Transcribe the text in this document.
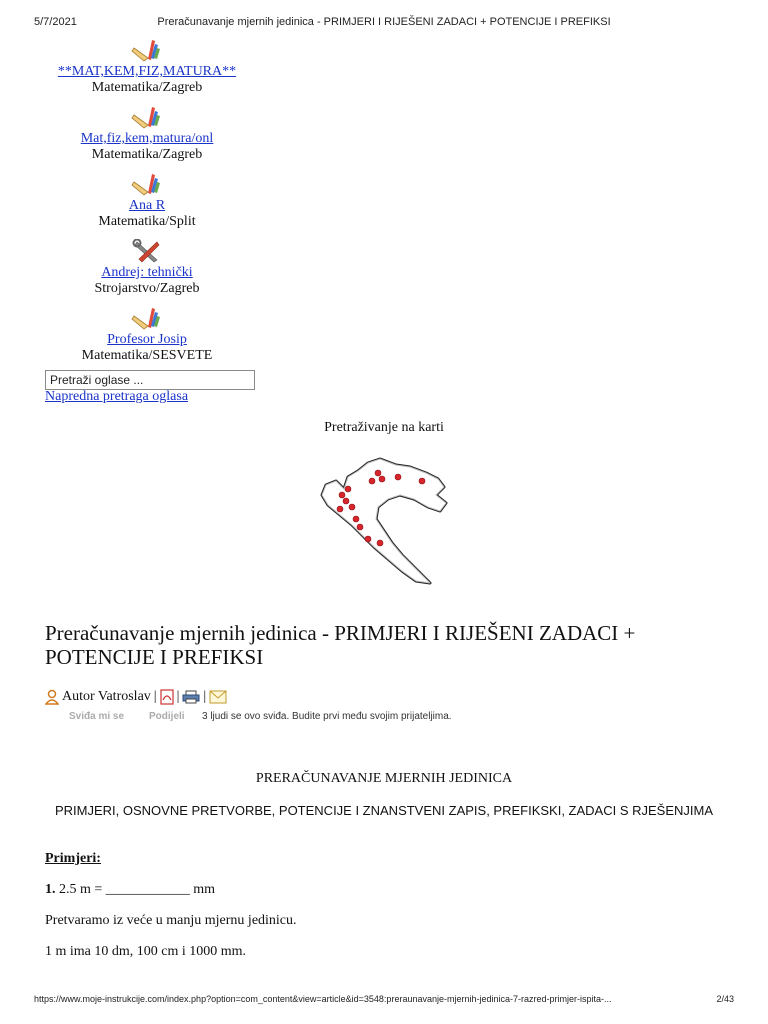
5/7/2021	Preračunavanje mjernih jedinica - PRIMJERI I RIJEŠENI ZADACI + POTENCIJE I PREFIKSI
**MAT,KEM,FIZ,MATURA**
Matematika/Zagreb
Mat,fiz,kem,matura/onl
Matematika/Zagreb
Ana R
Matematika/Split
Andrej: tehnički
Strojarstvo/Zagreb
Profesor Josip
Matematika/SESVETE
Pretraži oglase ...
Napredna pretraga oglasa
Pretraživanje na karti
Preračunavanje mjernih jedinica - PRIMJERI I RIJEŠENI ZADACI + POTENCIJE I PREFIKSI
Autor Vatroslav | | |
Sviđa mi se Podijeli 3 ljudi se ovo sviđa. Budite prvi među svojim prijateljima.
PRERAČUNAVANJE MJERNIH JEDINICA
PRIMJERI, OSNOVNE PRETVORBE, POTENCIJE I ZNANSTVENI ZAPIS, PREFIKSKI, ZADACI S RJEŠENJIMA
Primjeri:
1. 2.5 m = ____________ mm
Pretvaramo iz veće u manju mjernu jedinicu.
1 m ima 10 dm, 100 cm i 1000 mm.
https://www.moje-instrukcije.com/index.php?option=com_content&view=article&id=3548:preraunavanje-mjernih-jedinica-7-razred-primjer-ispita-...	2/43
